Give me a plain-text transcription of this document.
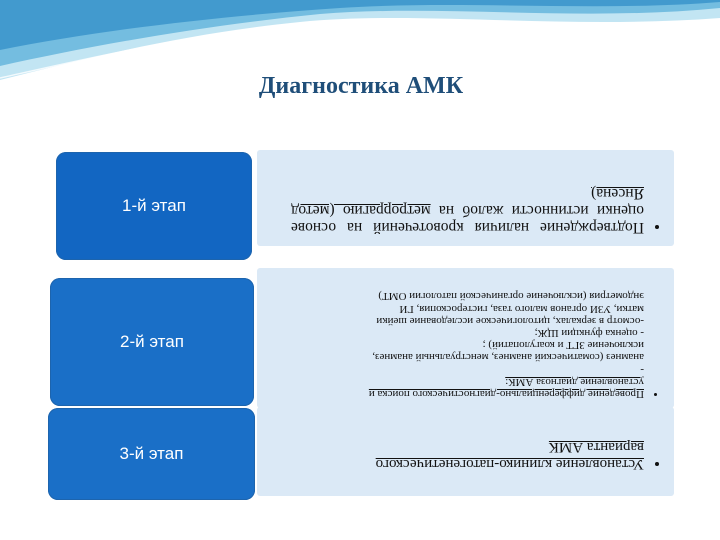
Диагностика АМК
• Подтверждение наличия кровотечений на основе оценки истинности жалоб на метроррагию (метод Янсена)
1-й этап
• Проведение дифференциально-диагностического поиска и
установление диагноза АМК:
-
анамнез (соматический анамнез, менструальный анамнез,
исключение ЗГТ и коагулопатий) ;
- оценка функции ЩЖ;
-осмотр в зеркалах, цитологическое исследование шейки
матки, УЗИ органов малого таза, гистероскопия, ГИ
эндометрия (исключение органической патологии ОМТ)
2-й этап
• Установление клинико-патогенетического
варианта АМК
3-й этап
